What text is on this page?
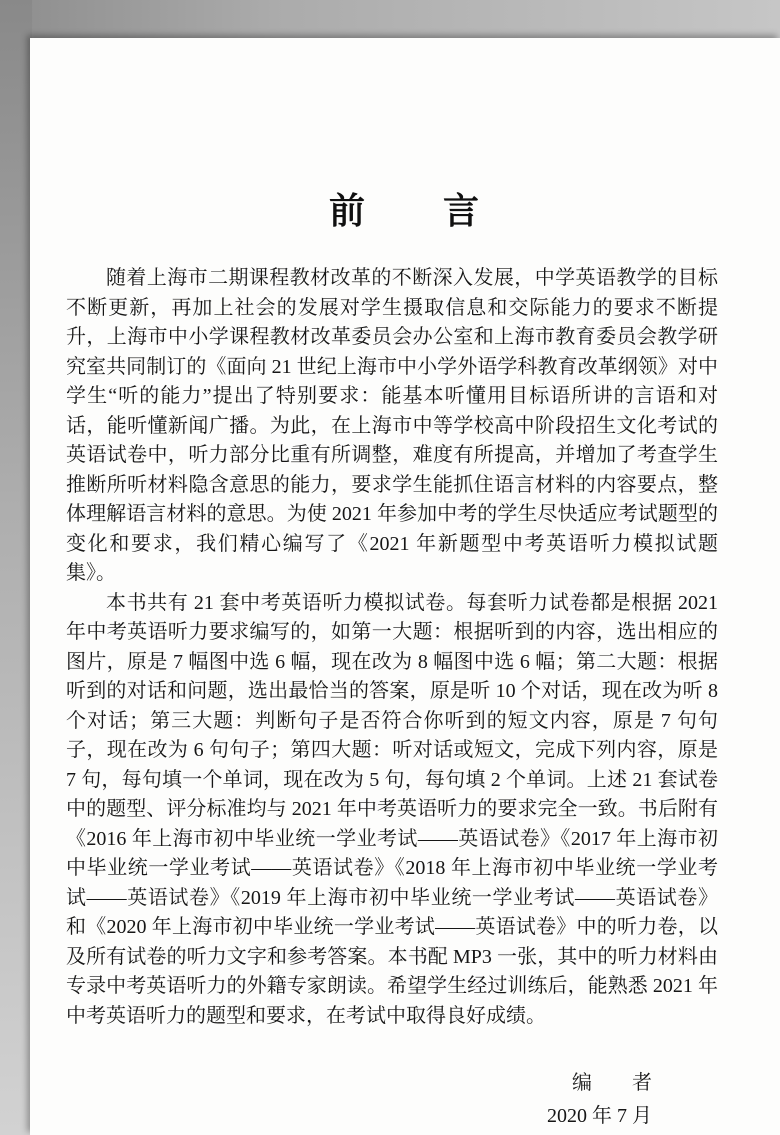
前　　言

随着上海市二期课程教材改革的不断深入发展，中学英语教学的目标不断更新，再加上社会的发展对学生摄取信息和交际能力的要求不断提升，上海市中小学课程教材改革委员会办公室和上海市教育委员会教学研究室共同制订的《面向 21 世纪上海市中小学外语学科教育改革纲领》对中学生“听的能力”提出了特别要求：能基本听懂用目标语所讲的言语和对话，能听懂新闻广播。为此，在上海市中等学校高中阶段招生文化考试的英语试卷中，听力部分比重有所调整，难度有所提高，并增加了考查学生推断所听材料隐含意思的能力，要求学生能抓住语言材料的内容要点，整体理解语言材料的意思。为使 2021 年参加中考的学生尽快适应考试题型的变化和要求，我们精心编写了《2021 年新题型中考英语听力模拟试题集》。

本书共有 21 套中考英语听力模拟试卷。每套听力试卷都是根据 2021 年中考英语听力要求编写的，如第一大题：根据听到的内容，选出相应的图片，原是 7 幅图中选 6 幅，现在改为 8 幅图中选 6 幅；第二大题：根据听到的对话和问题，选出最恰当的答案，原是听 10 个对话，现在改为听 8 个对话；第三大题：判断句子是否符合你听到的短文内容，原是 7 句句子，现在改为 6 句句子；第四大题：听对话或短文，完成下列内容，原是 7 句，每句填一个单词，现在改为 5 句，每句填 2 个单词。上述 21 套试卷中的题型、评分标准均与 2021 年中考英语听力的要求完全一致。书后附有《2016 年上海市初中毕业统一学业考试——英语试卷》《2017 年上海市初中毕业统一学业考试——英语试卷》《2018 年上海市初中毕业统一学业考试——英语试卷》《2019 年上海市初中毕业统一学业考试——英语试卷》和《2020 年上海市初中毕业统一学业考试——英语试卷》中的听力卷，以及所有试卷的听力文字和参考答案。本书配 MP3 一张，其中的听力材料由专录中考英语听力的外籍专家朗读。希望学生经过训练后，能熟悉 2021 年中考英语听力的题型和要求，在考试中取得良好成绩。

编　　者
2020 年 7 月
